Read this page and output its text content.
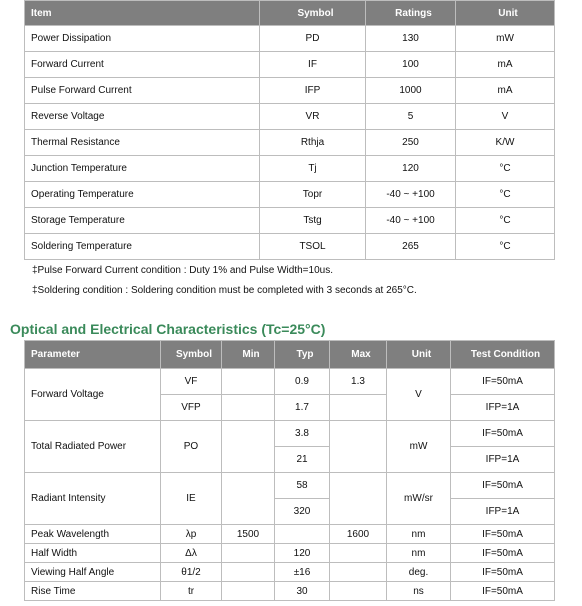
Item	Symbol	Ratings	Unit
Power Dissipation	PD	130	mW
Forward Current	IF	100	mA
Pulse Forward Current	IFP	1000	mA
Reverse Voltage	VR	5	V
Thermal Resistance	Rthja	250	K/W
Junction Temperature	Tj	120	°C
Operating Temperature	Topr	-40 ~ +100	°C
Storage Temperature	Tstg	-40 ~ +100	°C
Soldering Temperature	TSOL	265	°C
‡Pulse Forward Current condition : Duty 1% and Pulse Width=10us.
‡Soldering condition : Soldering condition must be completed with 3 seconds at 265°C.
Optical and Electrical Characteristics (Tc=25°C)
Parameter	Symbol	Min	Typ	Max	Unit	Test Condition
Forward Voltage	VF		0.9	1.3	V	IF=50mA
	VFP		1.7			IFP=1A
Total Radiated Power	PO		3.8		mW	IF=50mA
			21			IFP=1A
Radiant Intensity	IE		58		mW/sr	IF=50mA
			320			IFP=1A
Peak Wavelength	λp	1500		1600	nm	IF=50mA
Half Width	Δλ		120		nm	IF=50mA
Viewing Half Angle	θ1/2		±16		deg.	IF=50mA
Rise Time	tr		30		ns	IF=50mA
